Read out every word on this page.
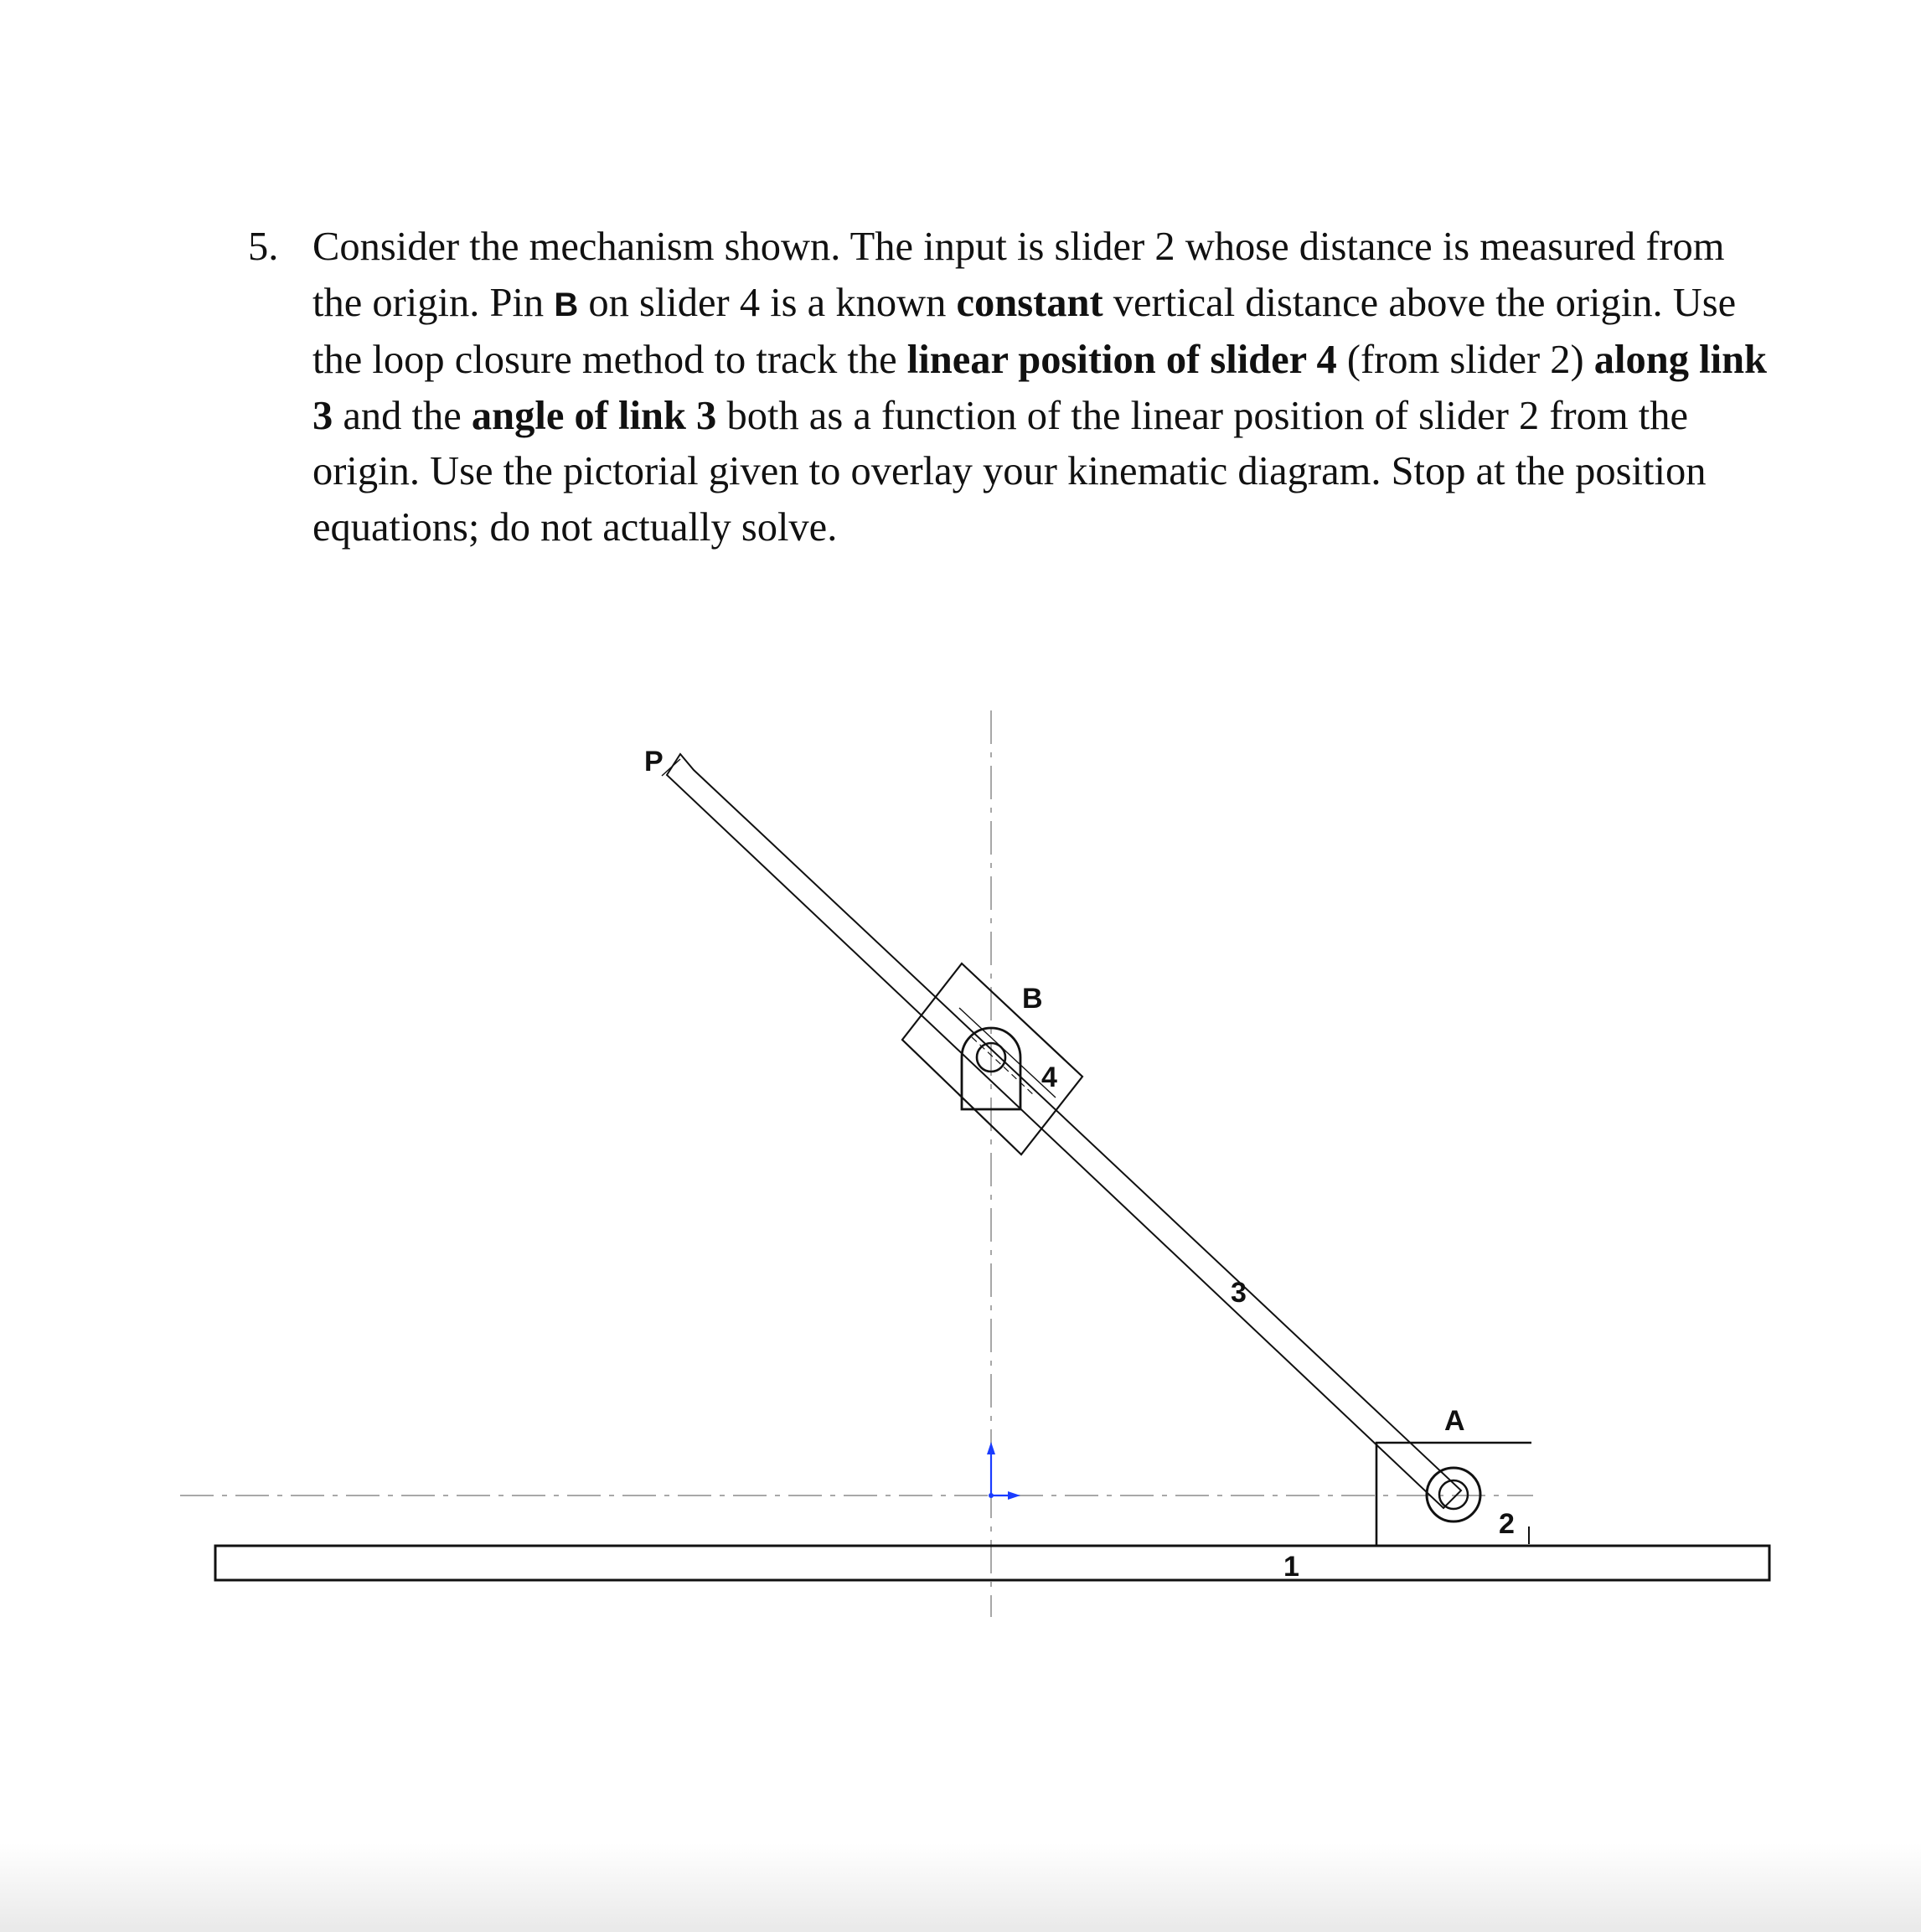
5. Consider the mechanism shown. The input is slider 2 whose distance is measured from
the origin. Pin B on slider 4 is a known constant vertical distance above the origin. Use
the loop closure method to track the linear position of slider 4 (from slider 2) along link
3 and the angle of link 3 both as a function of the linear position of slider 2 from the
origin. Use the pictorial given to overlay your kinematic diagram. Stop at the position
equations; do not actually solve.
P
B
4
3
A
2
1
